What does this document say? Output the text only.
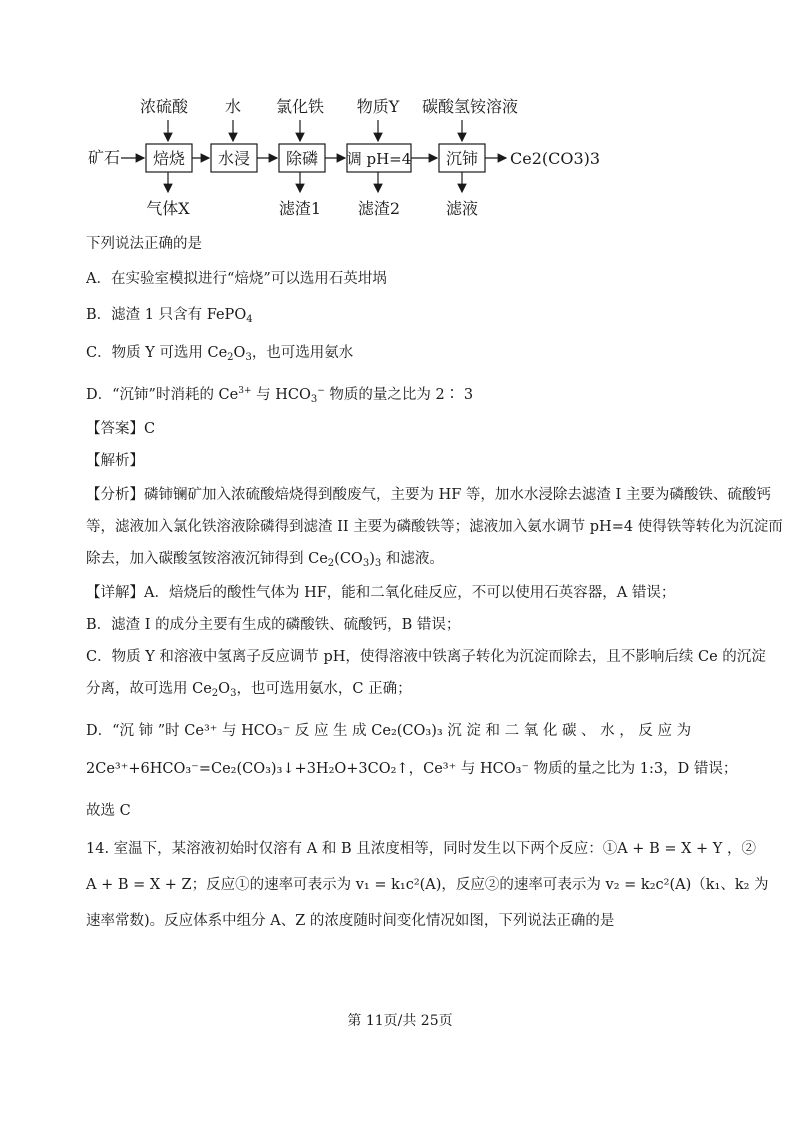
浓硫酸 水 氯化铁 物质Y 碳酸氢铵溶液
矿石 焙烧 水浸 除磷 调 pH=4 沉铈 Ce2(CO3)3
气体X	滤渣1 滤渣2	滤液
下列说法正确的是
A．在实验室模拟进行“焙烧”可以选用石英坩埚
B．滤渣 1 只含有 FePO$_4$
C．物质 Y 可选用 $Ce_2O_3$，也可选用氨水
D．“沉铈”时消耗的 $Ce^{3+}$ 与 $HCO_3^-$ 物质的量之比为 2∶ 3
【答案】C
【解析】
【分析】磷铈镧矿加入浓硫酸焙烧得到酸废气，主要为 HF 等，加水水浸除去滤渣 I 主要为磷酸铁、硫酸钙
等，滤液加入氯化铁溶液除磷得到滤渣 II 主要为磷酸铁等；滤液加入氨水调节 pH=4 使得铁等转化为沉淀而
除去，加入碳酸氢铵溶液沉铈得到 $Ce_2(CO_3)_3$ 和滤液。
【详解】A．焙烧后的酸性气体为 HF，能和二氧化硅反应，不可以使用石英容器，A 错误；
B．滤渣 I 的成分主要有生成的磷酸铁、硫酸钙，B 错误；
C．物质 Y 和溶液中氢离子反应调节 pH，使得溶液中铁离子转化为沉淀而除去，且不影响后续 Ce 的沉淀
分离，故可选用 $Ce_2O_3$，也可选用氨水，C 正确；
D．“沉 铈 ”时 Ce³⁺ 与 HCO₃⁻ 反 应 生 成 Ce₂(CO₃)₃ 沉 淀 和 二 氧 化 碳 、 水 ， 反 应 为
2Ce³⁺+6HCO₃⁻=Ce₂(CO₃)₃↓+3H₂O+3CO₂↑，Ce³⁺ 与 HCO₃⁻ 物质的量之比为 1:3，D 错误；
故选 C
14. 室温下，某溶液初始时仅溶有 A 和 B 且浓度相等，同时发生以下两个反应：①A + B = X + Y ，②
A + B = X + Z；反应①的速率可表示为 v₁ = k₁c²(A)，反应②的速率可表示为 v₂ = k₂c²(A)（k₁、k₂ 为
速率常数)。反应体系中组分 A、Z 的浓度随时间变化情况如图，下列说法正确的是
第 11页/共 25页
